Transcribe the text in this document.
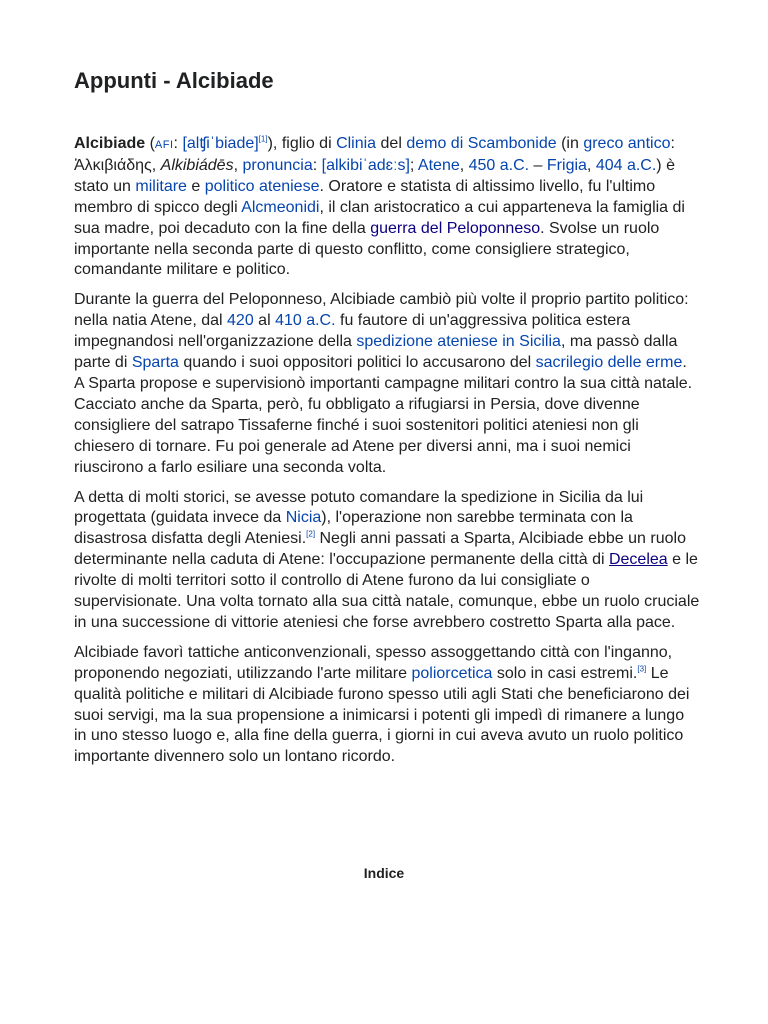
Appunti - Alcibiade

Alcibiade (AFI: [alʧiˈbiade][1]), figlio di Clinia del demo di Scambonide (in greco antico: Ἀλκιβιάδης, Alkibiádēs, pronuncia: [alkibiˈadɛːs]; Atene, 450 a.C. – Frigia, 404 a.C.) è stato un militare e politico ateniese. Oratore e statista di altissimo livello, fu l'ultimo membro di spicco degli Alcmeonidi, il clan aristocratico a cui apparteneva la famiglia di sua madre, poi decaduto con la fine della guerra del Peloponneso. Svolse un ruolo importante nella seconda parte di questo conflitto, come consigliere strategico, comandante militare e politico.

Durante la guerra del Peloponneso, Alcibiade cambiò più volte il proprio partito politico: nella natia Atene, dal 420 al 410 a.C. fu fautore di un'aggressiva politica estera impegnandosi nell'organizzazione della spedizione ateniese in Sicilia, ma passò dalla parte di Sparta quando i suoi oppositori politici lo accusarono del sacrilegio delle erme. A Sparta propose e supervisionò importanti campagne militari contro la sua città natale. Cacciato anche da Sparta, però, fu obbligato a rifugiarsi in Persia, dove divenne consigliere del satrapo Tissaferne finché i suoi sostenitori politici ateniesi non gli chiesero di tornare. Fu poi generale ad Atene per diversi anni, ma i suoi nemici riuscirono a farlo esiliare una seconda volta.

A detta di molti storici, se avesse potuto comandare la spedizione in Sicilia da lui progettata (guidata invece da Nicia), l'operazione non sarebbe terminata con la disastrosa disfatta degli Ateniesi.[2] Negli anni passati a Sparta, Alcibiade ebbe un ruolo determinante nella caduta di Atene: l'occupazione permanente della città di Decelea e le rivolte di molti territori sotto il controllo di Atene furono da lui consigliate o supervisionate. Una volta tornato alla sua città natale, comunque, ebbe un ruolo cruciale in una successione di vittorie ateniesi che forse avrebbero costretto Sparta alla pace.

Alcibiade favorì tattiche anticonvenzionali, spesso assoggettando città con l'inganno, proponendo negoziati, utilizzando l'arte militare poliorcetica solo in casi estremi.[3] Le qualità politiche e militari di Alcibiade furono spesso utili agli Stati che beneficiarono dei suoi servigi, ma la sua propensione a inimicarsi i potenti gli impedì di rimanere a lungo in uno stesso luogo e, alla fine della guerra, i giorni in cui aveva avuto un ruolo politico importante divennero solo un lontano ricordo.

Indice
